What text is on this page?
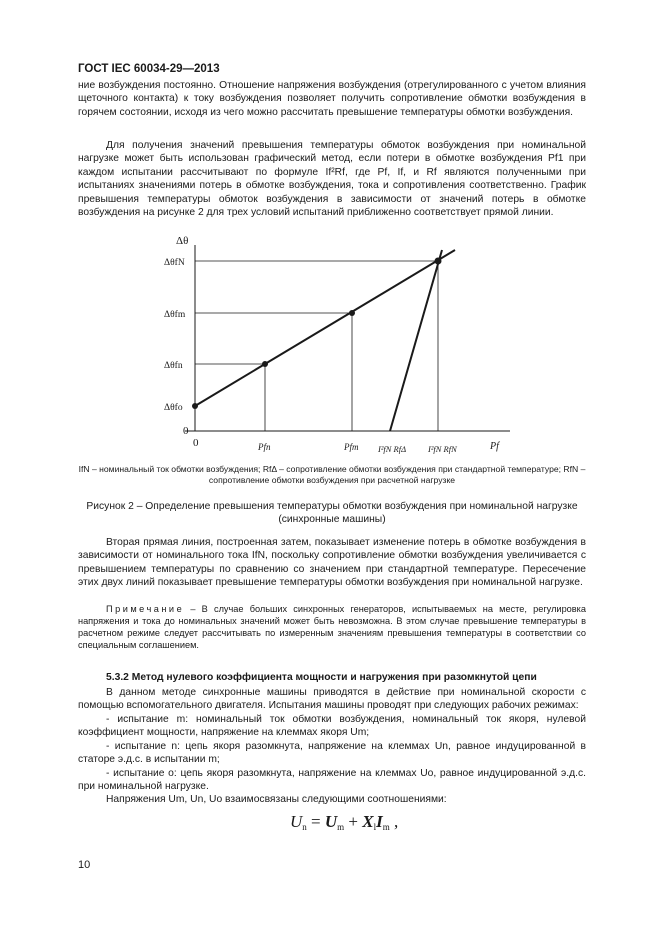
ГОСТ IEC 60034-29—2013

ние возбуждения постоянно. Отношение напряжения возбуждения (отрегулированного с учетом влияния щеточного контакта) к току возбуждения позволяет получить сопротивление обмотки возбуждения в горячем состоянии, исходя из чего можно рассчитать превышение температуры обмотки возбуждения.

Для получения значений превышения температуры обмоток возбуждения при номинальной нагрузке может быть использован графический метод, если потери в обмотке возбуждения Pf1 при каждом испытании рассчитывают по формуле If²Rf, где Pf, If, и Rf являются полученными при испытаниях значениями потерь в обмотке возбуждения, тока и сопротивления соответственно. График превышения температуры обмоток возбуждения в зависимости от значений потерь в обмотке возбуждения на рисунке 2 для трех условий испытаний приближенно соответствует прямой линии.

Δθ
Pf
0
0
Δθfo
Δθfn
Δθfm
ΔθfN
Pfn	Pfm I²fN RfΔ	I²fN RfN
IfN – номинальный ток обмотки возбуждения; RfΔ – сопротивление обмотки возбуждения при стандартной температуре; RfN – сопротивление обмотки возбуждения при расчетной нагрузке
Рисунок 2 – Определение превышения температуры обмотки возбуждения при номинальной нагрузке (синхронные машины)

Вторая прямая линия, построенная затем, показывает изменение потерь в обмотке возбуждения в зависимости от номинального тока IfN, поскольку сопротивление обмотки возбуждения увеличивается с превышением температуры по сравнению со значением при стандартной температуре. Пересечение этих двух линий показывает превышение температуры обмотки возбуждения при номинальной нагрузке.

Примечание – В случае больших синхронных генераторов, испытываемых на месте, регулировка напряжения и тока до номинальных значений может быть невозможна. В этом случае превышение температуры в расчетном режиме следует рассчитывать по измеренным значениям превышения температуры в соответствии со специальным соглашением.
5.3.2 Метод нулевого коэффициента мощности и нагружения при разомкнутой цепи

В данном методе синхронные машины приводятся в действие при номинальной скорости с помощью вспомогательного двигателя. Испытания машины проводят при следующих рабочих режимах:

- испытание m: номинальный ток обмотки возбуждения, номинальный ток якоря, нулевой коэффициент мощности, напряжение на клеммах якоря Um;

- испытание n: цепь якоря разомкнута, напряжение на клеммах Un, равное индуцированной в статоре э.д.с. в испытании m;

- испытание o: цепь якоря разомкнута, напряжение на клеммах Uo, равное индуцированной э.д.с. при номинальной нагрузке.

Напряжения Um, Un, Uo взаимосвязаны следующими соотношениями:

$U_n = U_m + X_lI_m$ ,
10
